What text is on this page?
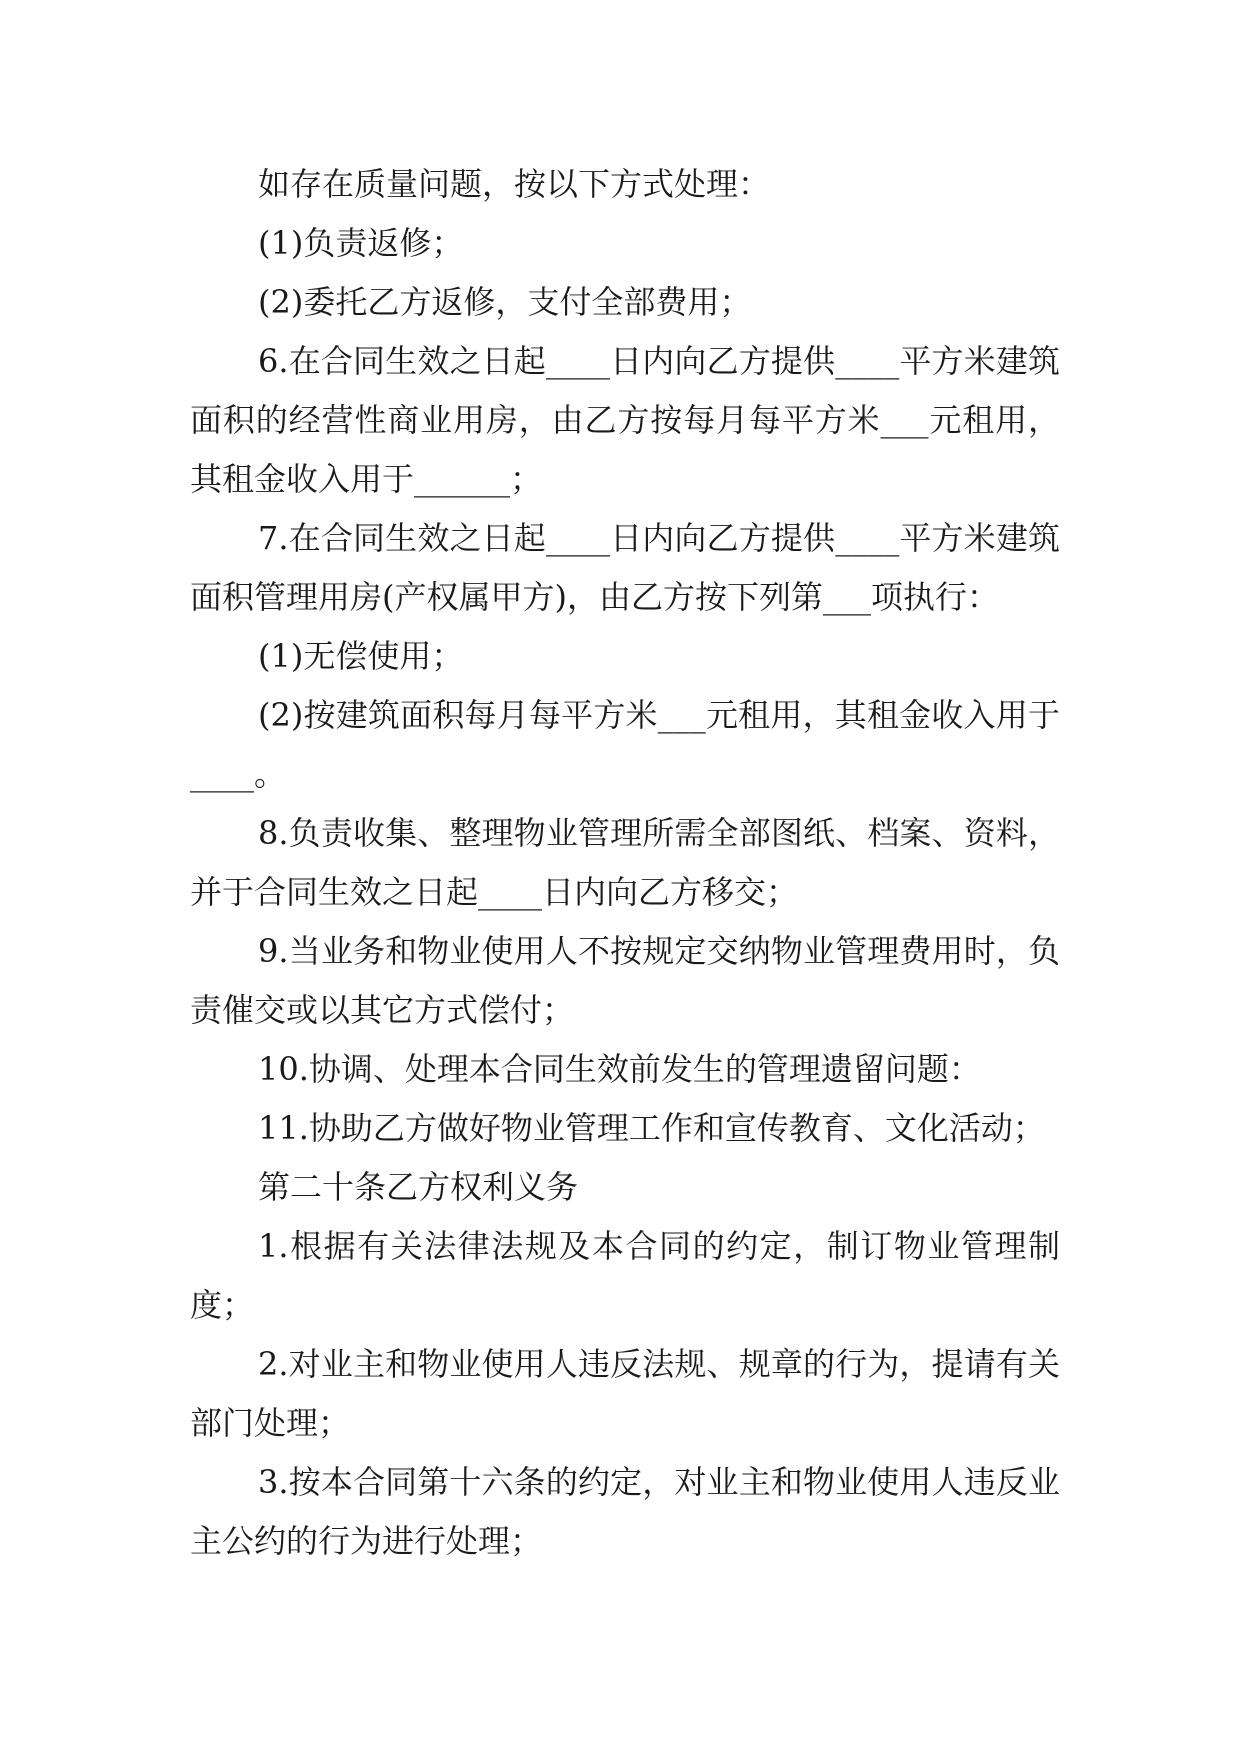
如存在质量问题，按以下方式处理：

(1)负责返修；

(2)委托乙方返修，支付全部费用；

6.在合同生效之日起____日内向乙方提供____平方米建筑面积的经营性商业用房，由乙方按每月每平方米___元租用，其租金收入用于______；

7.在合同生效之日起____日内向乙方提供____平方米建筑面积管理用房(产权属甲方)，由乙方按下列第___项执行：

(1)无偿使用；

(2)按建筑面积每月每平方米___元租用，其租金收入用于____。

8.负责收集、整理物业管理所需全部图纸、档案、资料，并于合同生效之日起____日内向乙方移交；

9.当业务和物业使用人不按规定交纳物业管理费用时，负责催交或以其它方式偿付；

10.协调、处理本合同生效前发生的管理遗留问题：

11.协助乙方做好物业管理工作和宣传教育、文化活动；

第二十条乙方权利义务

1.根据有关法律法规及本合同的约定，制订物业管理制度；

2.对业主和物业使用人违反法规、规章的行为，提请有关部门处理；

3.按本合同第十六条的约定，对业主和物业使用人违反业主公约的行为进行处理；
